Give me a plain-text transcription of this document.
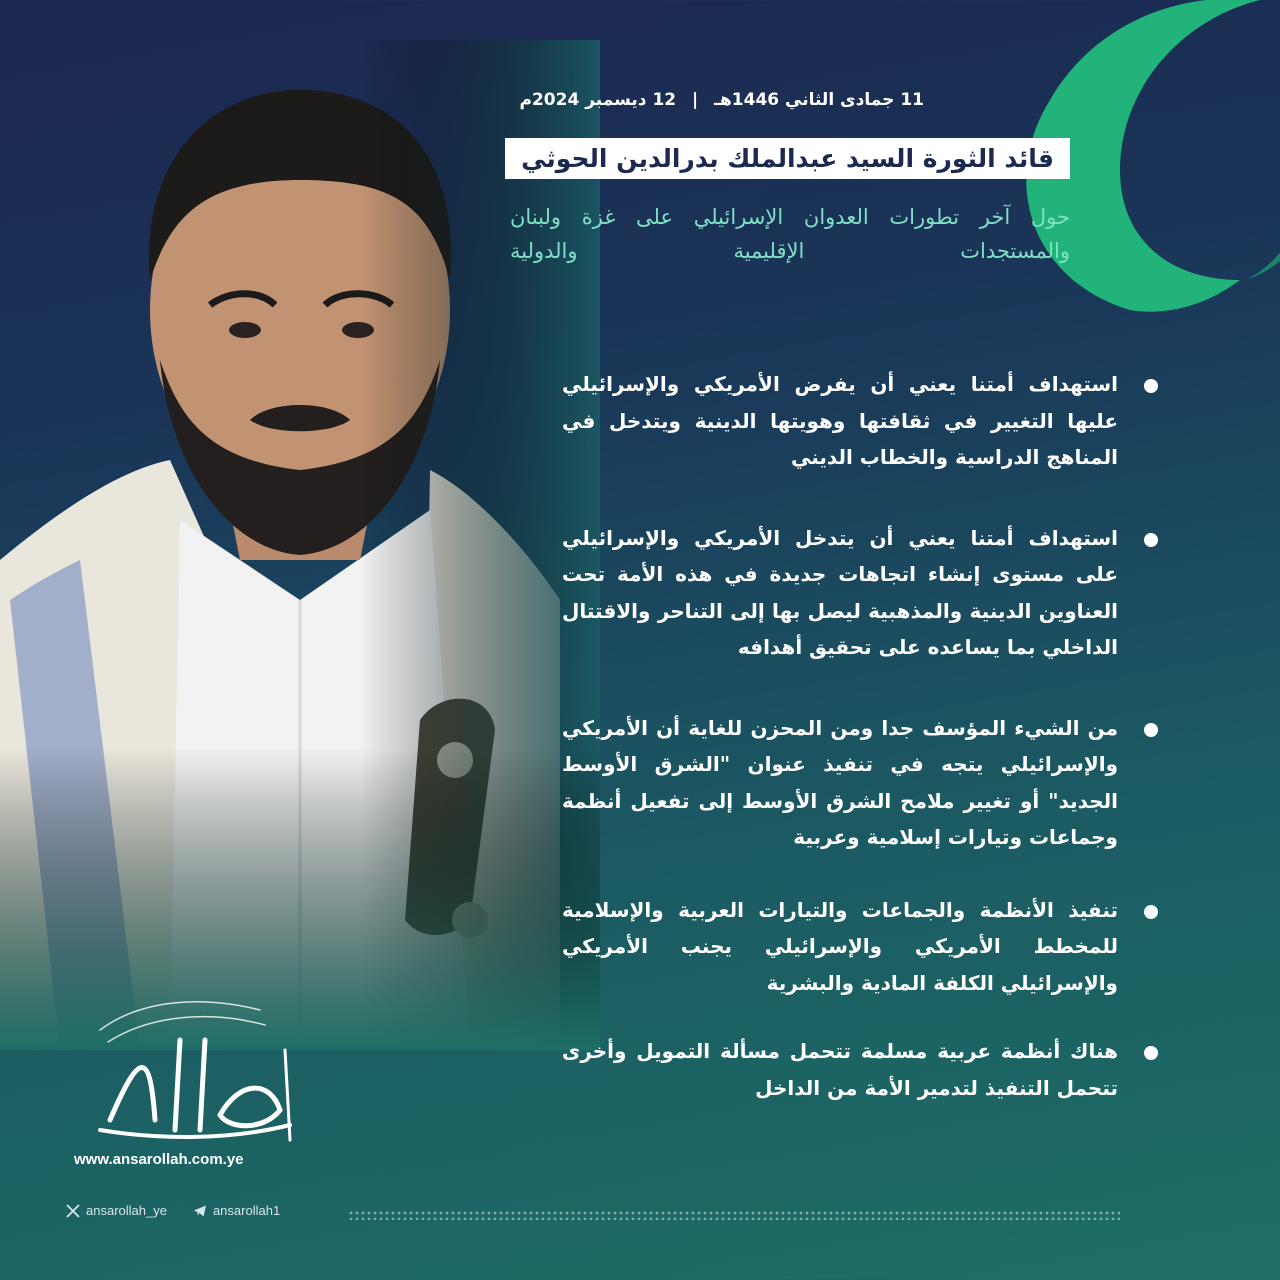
11 جمادى الثاني 1446هـ | 12 ديسمبر 2024م
قائد الثورة السيد عبدالملك بدرالدين الحوثي
حول آخر تطورات العدوان الإسرائيلي على غزة ولبنان والمستجدات الإقليمية والدولية
استهداف أمتنا يعني أن يفرض الأمريكي والإسرائيلي عليها التغيير في ثقافتها وهويتها الدينية ويتدخل في المناهج الدراسية والخطاب الديني
استهداف أمتنا يعني أن يتدخل الأمريكي والإسرائيلي على مستوى إنشاء اتجاهات جديدة في هذه الأمة تحت العناوين الدينية والمذهبية ليصل بها إلى التناحر والاقتتال الداخلي بما يساعده على تحقيق أهدافه
من الشيء المؤسف جدا ومن المحزن للغاية أن الأمريكي والإسرائيلي يتجه في تنفيذ عنوان "الشرق الأوسط الجديد" أو تغيير ملامح الشرق الأوسط إلى تفعيل أنظمة وجماعات وتيارات إسلامية وعربية
تنفيذ الأنظمة والجماعات والتيارات العربية والإسلامية للمخطط الأمريكي والإسرائيلي يجنب الأمريكي والإسرائيلي الكلفة المادية والبشرية
هناك أنظمة عربية مسلمة تتحمل مسألة التمويل وأخرى تتحمل التنفيذ لتدمير الأمة من الداخل
www.ansarollah.com.ye
ansarollah_ye	ansarollah1
